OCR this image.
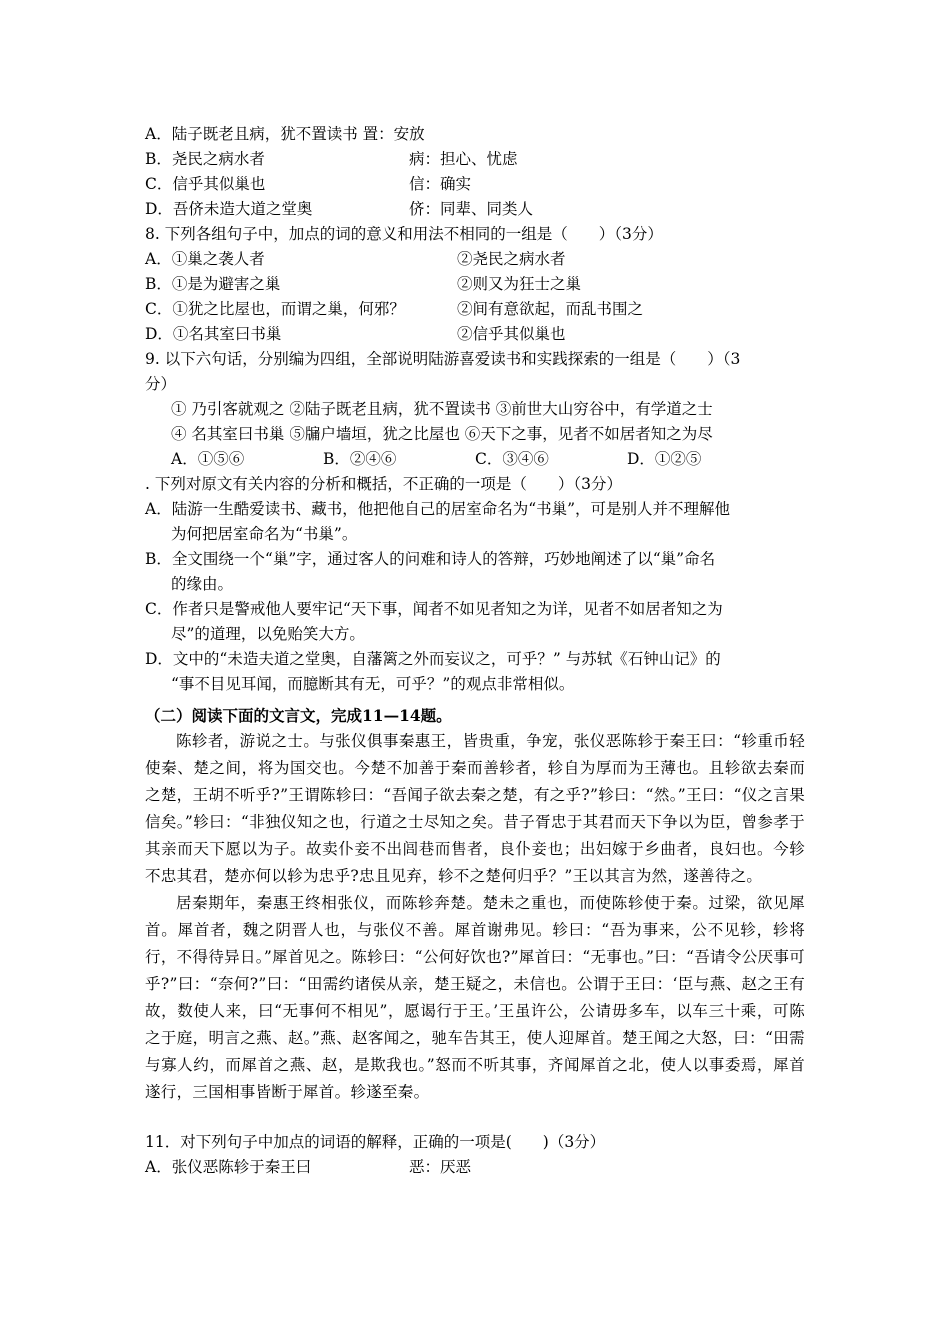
A．陆子既老且病，犹不置读书 置：安放
B．尧民之病水者	病：担心、忧虑
C．信乎其似巢也	信：确实
D．吾侪未造大道之堂奥	侪：同辈、同类人
8. 下列各组句子中，加点的词的意义和用法不相同的一组是（　　）（3分）
A．①巢之袭人者	②尧民之病水者
B．①是为避害之巢	②则又为狂士之巢
C．①犹之比屋也，而谓之巢，何邪？	②间有意欲起，而乱书围之
D．①名其室曰书巢	②信乎其似巢也
9. 以下六句话，分别编为四组，全部说明陆游喜爱读书和实践探索的一组是（　　）（3
分）
① 乃引客就观之 ②陆子既老且病，犹不置读书 ③前世大山穷谷中，有学道之士
④ 名其室曰书巢 ⑤牖户墙垣，犹之比屋也 ⑥天下之事，见者不如居者知之为尽
A．①⑤⑥	B．②④⑥	C．③④⑥	D．①②⑤
. 下列对原文有关内容的分析和概括，不正确的一项是（　　）（3分）
A．陆游一生酷爱读书、藏书，他把他自己的居室命名为“书巢”，可是别人并不理解他
为何把居室命名为“书巢”。
B．全文围绕一个“巢”字，通过客人的问难和诗人的答辩，巧妙地阐述了以“巢”命名
的缘由。
C．作者只是警戒他人要牢记“天下事，闻者不如见者知之为详，见者不如居者知之为
尽”的道理，以免贻笑大方。
D．文中的“未造夫道之堂奥，自藩篱之外而妄议之，可乎？” 与苏轼《石钟山记》的
“事不目见耳闻，而臆断其有无，可乎？”的观点非常相似。
（二）阅读下面的文言文，完成11—14题。

陈轸者，游说之士。与张仪俱事秦惠王，皆贵重，争宠，张仪恶陈轸于秦王曰：“轸重币轻使秦、楚之间，将为国交也。今楚不加善于秦而善轸者，轸自为厚而为王薄也。且轸欲去秦而之楚，王胡不听乎?”王谓陈轸曰：“吾闻子欲去秦之楚，有之乎?”轸曰：“然。”王曰：“仪之言果信矣。”轸曰：“非独仪知之也，行道之士尽知之矣。昔子胥忠于其君而天下争以为臣，曾参孝于其亲而天下愿以为子。故卖仆妾不出闾巷而售者，良仆妾也；出妇嫁于乡曲者，良妇也。今轸不忠其君，楚亦何以轸为忠乎?忠且见弃，轸不之楚何归乎？”王以其言为然，遂善待之。

居秦期年，秦惠王终相张仪，而陈轸奔楚。楚未之重也，而使陈轸使于秦。过梁，欲见犀首。犀首者，魏之阴晋人也，与张仪不善。犀首谢弗见。轸曰：“吾为事来，公不见轸，轸将行，不得待异日。”犀首见之。陈轸曰：“公何好饮也?”犀首曰：“无事也。”曰：“吾请令公厌事可乎?”曰：“奈何?”曰：“田需约诸侯从亲，楚王疑之，未信也。公谓于王曰：‘臣与燕、赵之王有故，数使人来，曰“无事何不相见”，愿谒行于王。’王虽许公，公请毋多车，以车三十乘，可陈之于庭，明言之燕、赵。”燕、赵客闻之，驰车告其王，使人迎犀首。楚王闻之大怒，曰：“田需与寡人约，而犀首之燕、赵，是欺我也。”怒而不听其事，齐闻犀首之北，使人以事委焉，犀首遂行，三国相事皆断于犀首。轸遂至秦。

11．对下列句子中加点的词语的解释，正确的一项是(　　)（3分）
A．张仪恶陈轸于秦王曰	恶：厌恶
